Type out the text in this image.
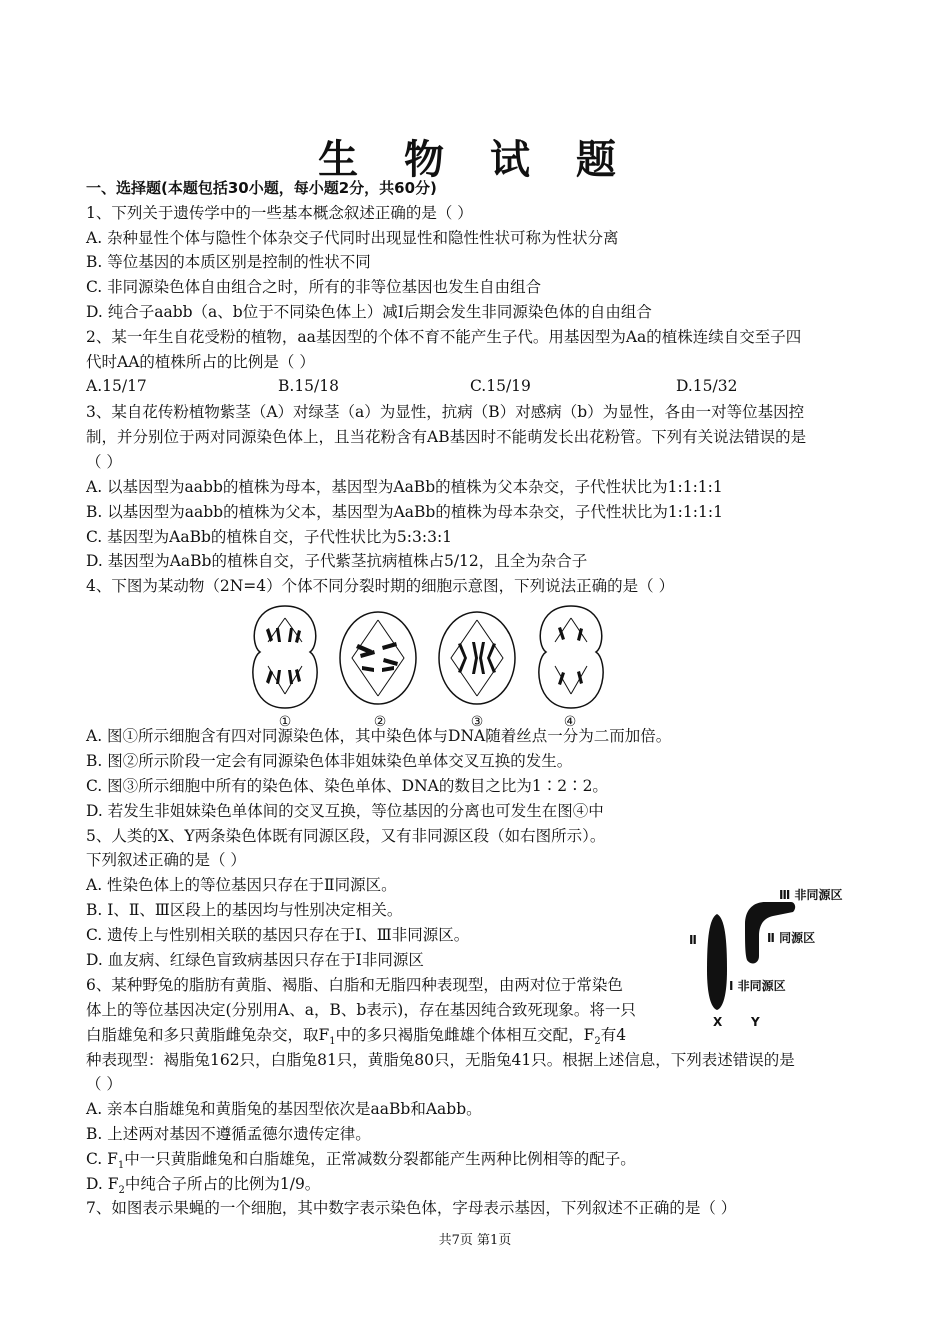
生 物 试 题
一、选择题(本题包括30小题，每小题2分，共60分)
1、下列关于遗传学中的一些基本概念叙述正确的是（ ）
A. 杂种显性个体与隐性个体杂交子代同时出现显性和隐性性状可称为性状分离
B. 等位基因的本质区别是控制的性状不同
C. 非同源染色体自由组合之时，所有的非等位基因也发生自由组合
D. 纯合子aabb（a、b位于不同染色体上）减Ⅰ后期会发生非同源染色体的自由组合
2、某一年生自花受粉的植物，aa基因型的个体不育不能产生子代。用基因型为Aa的植株连续自交至子四
代时AA的植株所占的比例是（ ）
A.15/17	B.15/18	C.15/19	D.15/32
3、某自花传粉植物紫茎（A）对绿茎（a）为显性，抗病（B）对感病（b）为显性，各由一对等位基因控
制，并分别位于两对同源染色体上，且当花粉含有AB基因时不能萌发长出花粉管。下列有关说法错误的是
（ ）
A. 以基因型为aabb的植株为母本，基因型为AaBb的植株为父本杂交，子代性状比为1:1:1:1
B. 以基因型为aabb的植株为父本，基因型为AaBb的植株为母本杂交，子代性状比为1:1:1:1
C. 基因型为AaBb的植株自交，子代性状比为5:3:3:1
D. 基因型为AaBb的植株自交，子代紫茎抗病植株占5/12，且全为杂合子
4、下图为某动物（2N=4）个体不同分裂时期的细胞示意图，下列说法正确的是（ ）
①	②	③	④
A. 图①所示细胞含有四对同源染色体，其中染色体与DNA随着丝点一分为二而加倍。
B. 图②所示阶段一定会有同源染色体非姐妹染色单体交叉互换的发生。
C. 图③所示细胞中所有的染色体、染色单体、DNA的数目之比为1∶2∶2。
D. 若发生非姐妹染色单体间的交叉互换，等位基因的分离也可发生在图④中
5、人类的X、Y两条染色体既有同源区段，又有非同源区段（如右图所示）。
下列叙述正确的是（ ）
A. 性染色体上的等位基因只存在于Ⅱ同源区。
B. Ⅰ、Ⅱ、Ⅲ区段上的基因均与性别决定相关。
C. 遗传上与性别相关联的基因只存在于Ⅰ、Ⅲ非同源区。
D. 血友病、红绿色盲致病基因只存在于Ⅰ非同源区
Ⅲ 非同源区
Ⅱ 同源区
Ⅰ 非同源区
Ⅱ
X Y
6、某种野兔的脂肪有黄脂、褐脂、白脂和无脂四种表现型，由两对位于常染色
体上的等位基因决定(分别用A、a，B、b表示)，存在基因纯合致死现象。将一只
白脂雄兔和多只黄脂雌兔杂交，取$F_1$中的多只褐脂兔雌雄个体相互交配，$F_2$有4
种表现型：褐脂兔162只，白脂兔81只，黄脂兔80只，无脂兔41只。根据上述信息，下列表述错误的是
（ ）
A. 亲本白脂雄兔和黄脂兔的基因型依次是aaBb和Aabb。
B. 上述两对基因不遵循孟德尔遗传定律。
C. $F_1$中一只黄脂雌兔和白脂雄兔，正常减数分裂都能产生两种比例相等的配子。
D. $F_2$中纯合子所占的比例为1/9。
7、如图表示果蝇的一个细胞，其中数字表示染色体，字母表示基因，下列叙述不正确的是（ ）
共7页 第1页
